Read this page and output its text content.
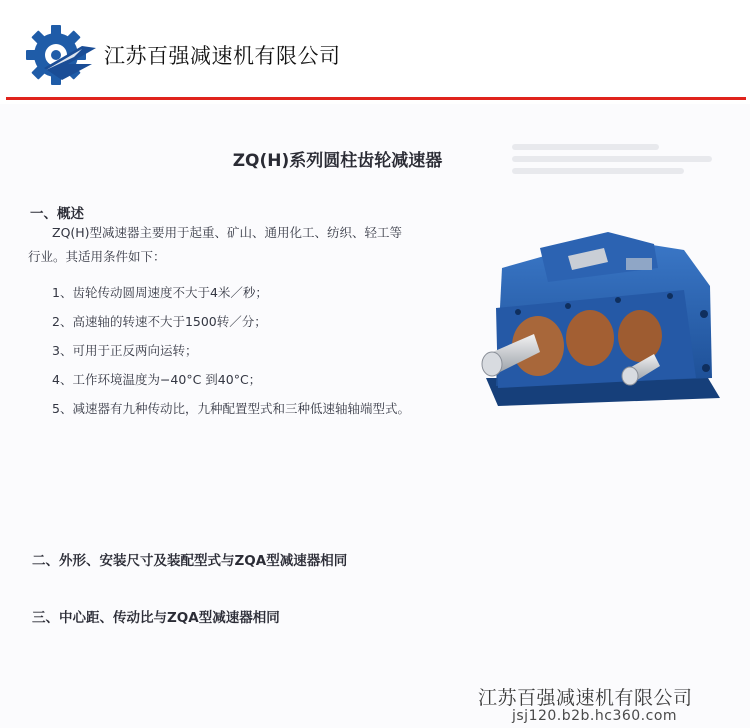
江苏百强减速机有限公司
ZQ(H)系列圆柱齿轮减速器
一、概述
ZQ(H)型减速器主要用于起重、矿山、通用化工、纺织、轻工等
行业。其适用条件如下：
1、齿轮传动圆周速度不大于4米／秒；
2、高速轴的转速不大于1500转／分；
3、可用于正反两向运转；
4、工作环境温度为−40°C 到40°C；
5、减速器有九种传动比，九种配置型式和三种低速轴轴端型式。
二、外形、安装尺寸及装配型式与ZQA型减速器相同
三、中心距、传动比与ZQA型减速器相同
江苏百强减速机有限公司
jsj120.b2b.hc360.com
